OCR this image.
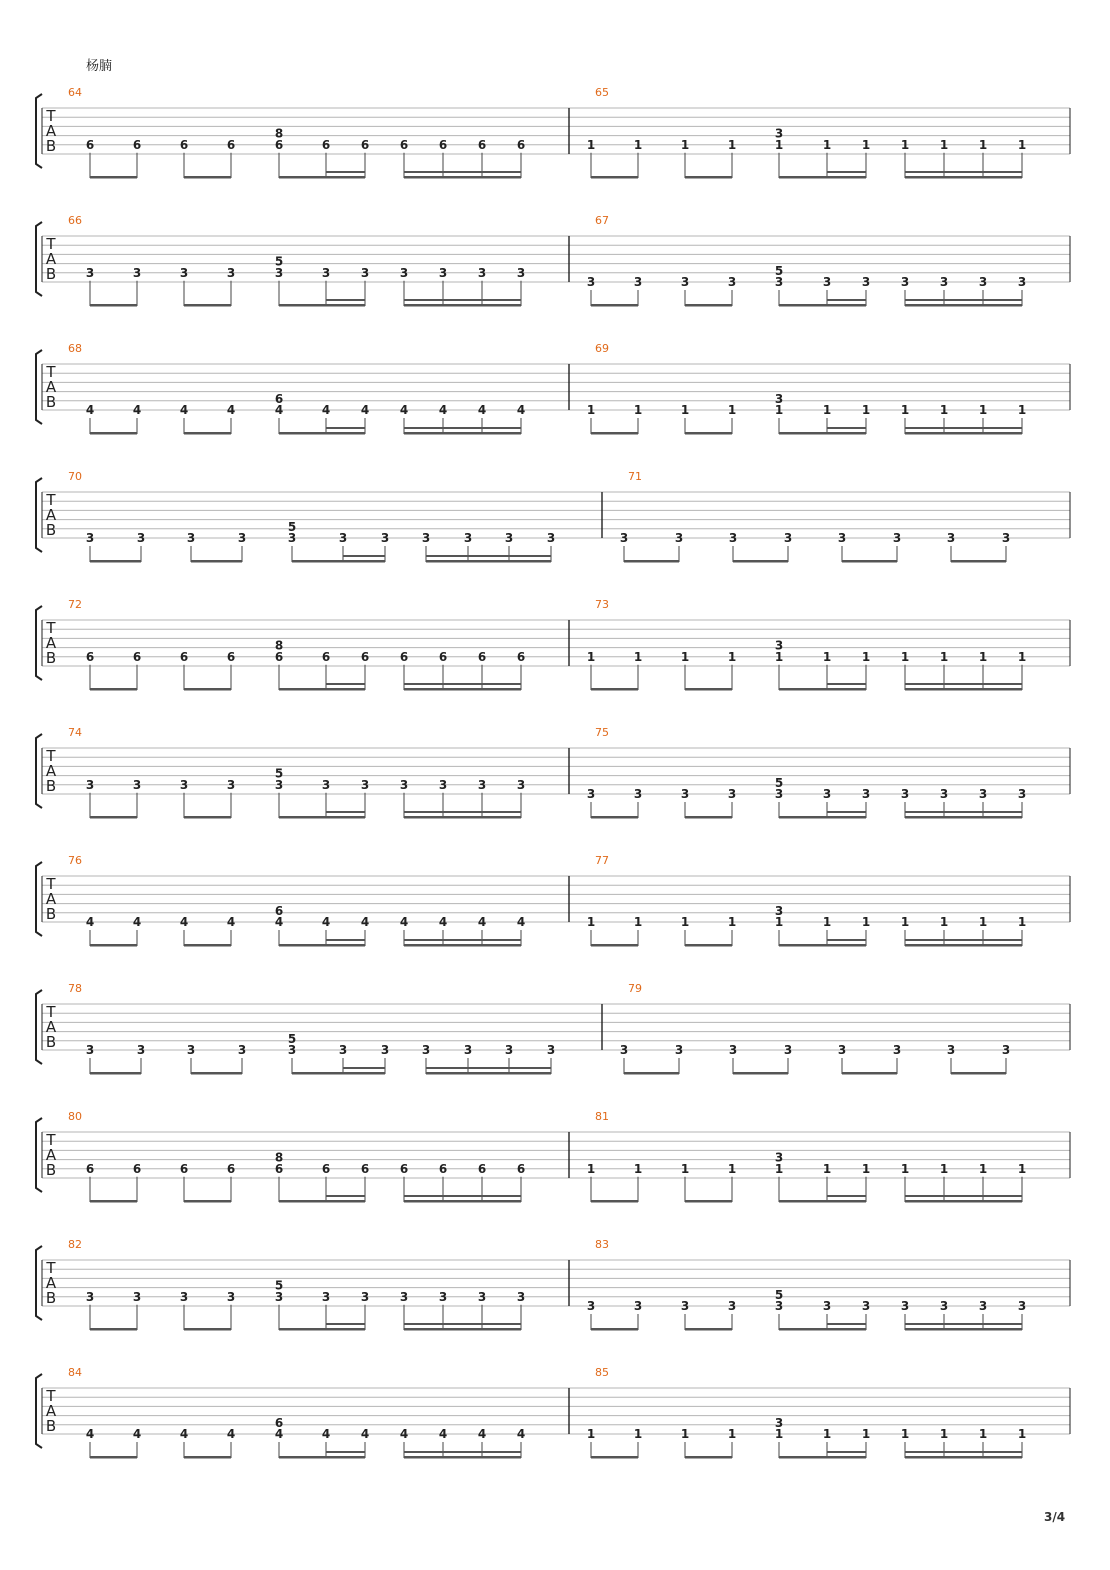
杨腩
T
A
B
64
6	6	6	6	6
8
6	6	6	6	6	6
65
1	1	1	1	1
3
1	1	1	1	1	1
T
A
B
66
3	3	3	3	3
5
3	3	3	3	3	3
67
3	3	3	3	3
5
3	3	3	3	3	3
T
A
B
68
4	4	4	4	4
6
4	4	4	4	4	4
69
1	1	1	1	1
3
1	1	1	1	1	1
T
A
B
70
3	3	3	3	3
5
3	3	3	3	3	3
71
3	3	3	3	3	3	3	3
T
A
B
72
6	6	6	6	6
8
6	6	6	6	6	6
73
1	1	1	1	1
3
1	1	1	1	1	1
T
A
B
74
3	3	3	3	3
5
3	3	3	3	3	3
75
3	3	3	3	3
5
3	3	3	3	3	3
T
A
B
76
4	4	4	4	4
6
4	4	4	4	4	4
77
1	1	1	1	1
3
1	1	1	1	1	1
T
A
B
78
3	3	3	3	3
5
3	3	3	3	3	3
79
3	3	3	3	3	3	3	3
T
A
B
80
6	6	6	6	6
8
6	6	6	6	6	6
81
1	1	1	1	1
3
1	1	1	1	1	1
T
A
B
82
3	3	3	3	3
5
3	3	3	3	3	3
83
3	3	3	3	3
5
3	3	3	3	3	3
T
A
B
84
4	4	4	4	4
6
4	4	4	4	4	4
85
1	1	1	1	1
3
1	1	1	1	1	1
3/4
